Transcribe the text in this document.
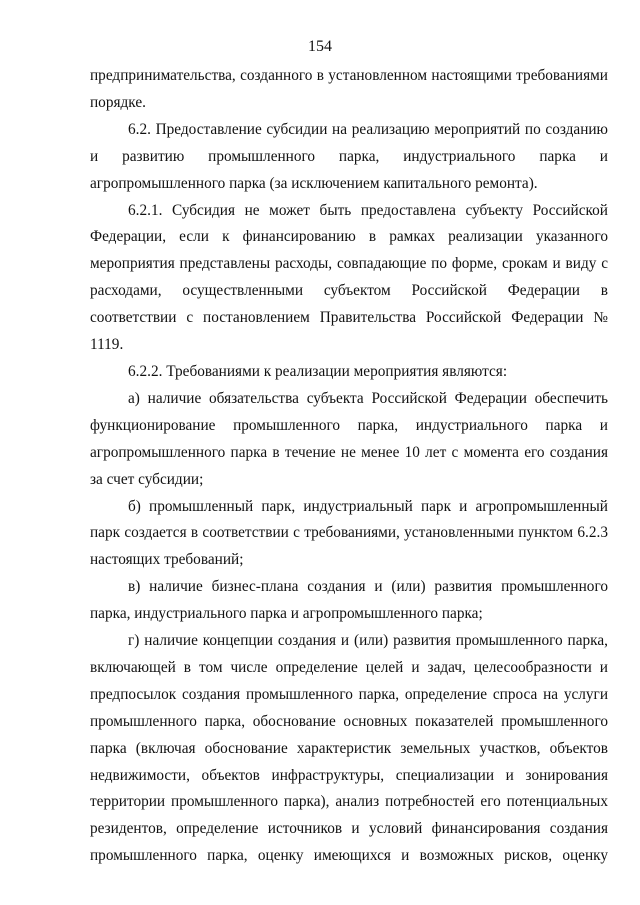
154

предпринимательства, созданного в установленном настоящими требованиями порядке.

6.2. Предоставление субсидии на реализацию мероприятий по созданию и развитию промышленного парка, индустриального парка и агропромышленного парка (за исключением капитального ремонта).

6.2.1. Субсидия не может быть предоставлена субъекту Российской Федерации, если к финансированию в рамках реализации указанного мероприятия представлены расходы, совпадающие по форме, срокам и виду с расходами, осуществленными субъектом Российской Федерации в соответствии с постановлением Правительства Российской Федерации № 1119.

6.2.2. Требованиями к реализации мероприятия являются:

а) наличие обязательства субъекта Российской Федерации обеспечить функционирование промышленного парка, индустриального парка и агропромышленного парка в течение не менее 10 лет с момента его создания за счет субсидии;

б) промышленный парк, индустриальный парк и агропромышленный парк создается в соответствии с требованиями, установленными пунктом 6.2.3 настоящих требований;

в) наличие бизнес-плана создания и (или) развития промышленного парка, индустриального парка и агропромышленного парка;

г) наличие концепции создания и (или) развития промышленного парка, включающей в том числе определение целей и задач, целесообразности и предпосылок создания промышленного парка, определение спроса на услуги промышленного парка, обоснование основных показателей промышленного парка (включая обоснование характеристик земельных участков, объектов недвижимости, объектов инфраструктуры, специализации и зонирования территории промышленного парка), анализ потребностей его потенциальных резидентов, определение источников и условий финансирования создания промышленного парка, оценку имеющихся и возможных рисков, оценку
